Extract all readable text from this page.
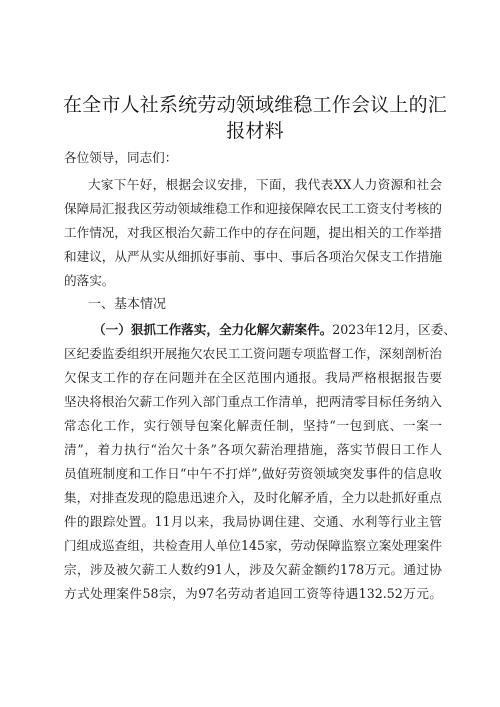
在全市人社系统劳动领域维稳工作会议上的汇
报材料
各位领导，同志们：
大家下午好，根据会议安排，下面，我代表XX人力资源和社会
保障局汇报我区劳动领域维稳工作和迎接保障农民工工资支付考核的
工作情况，对我区根治欠薪工作中的存在问题，提出相关的工作举措
和建议，从严从实从细抓好事前、事中、事后各项治欠保支工作措施
的落实。
一、基本情况
（一）狠抓工作落实，全力化解欠薪案件。2023年12月，区委、
区纪委监委组织开展拖欠农民工工资问题专项监督工作，深刻剖析治
欠保支工作的存在问题并在全区范围内通报。我局严格根据报告要
坚决将根治欠薪工作列入部门重点工作清单，把两清零目标任务纳入
常态化工作，实行领导包案化解责任制，坚持“一包到底、一案一
清”，着力执行“治欠十条”各项欠薪治理措施，落实节假日工作人
员值班制度和工作日“中午不打烊”,做好劳资领域突发事件的信息收
集，对排查发现的隐患迅速介入，及时化解矛盾，全力以赴抓好重点
件的跟踪处置。11月以来，我局协调住建、交通、水利等行业主管
门组成巡查组，共检查用人单位145家，劳动保障监察立案处理案件
宗，涉及被欠薪工人数约91人，涉及欠薪金额约178万元。通过协
方式处理案件58宗，为97名劳动者追回工资等待遇132.52万元。
